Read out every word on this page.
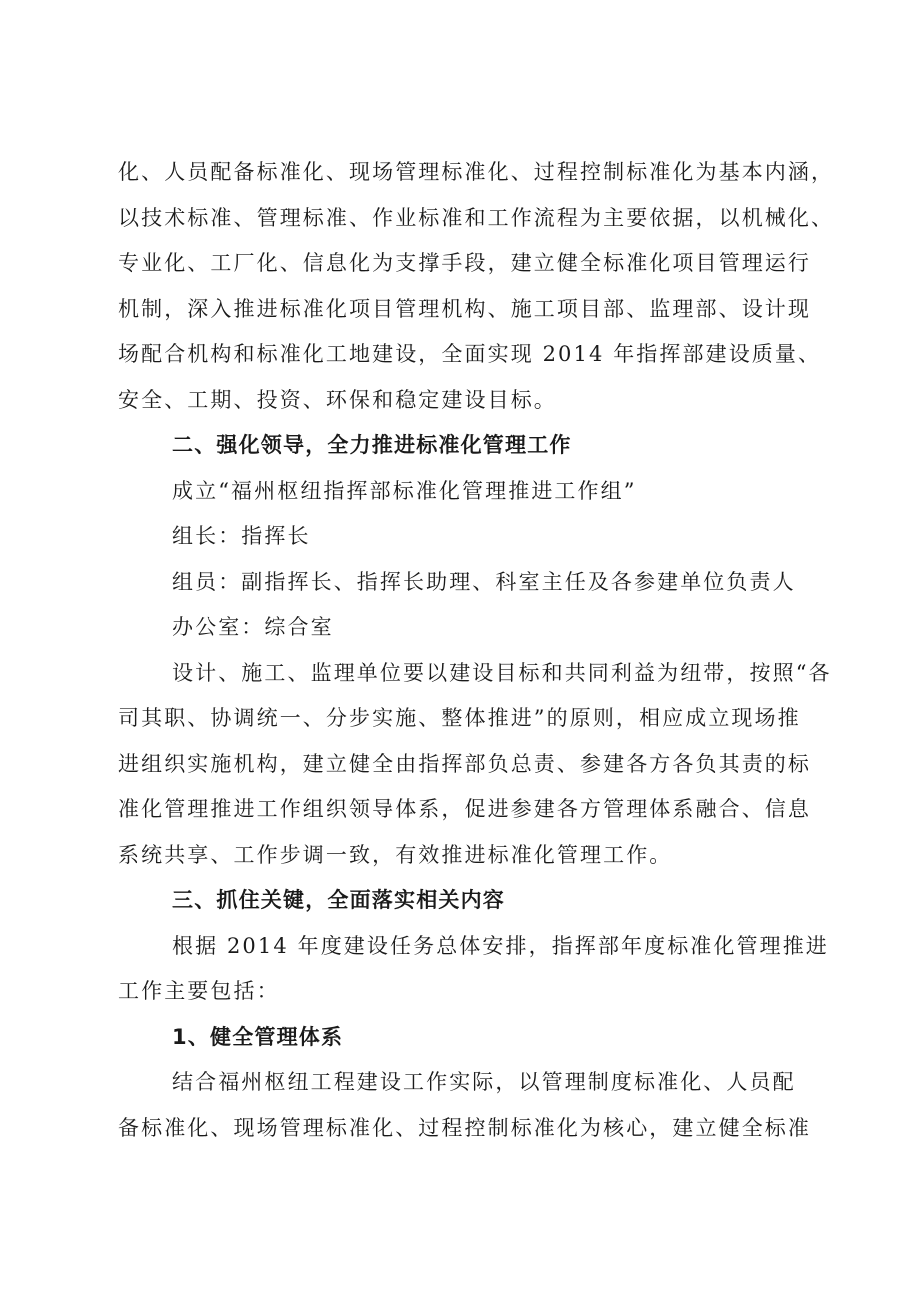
化、人员配备标准化、现场管理标准化、过程控制标准化为基本内涵，
以技术标准、管理标准、作业标准和工作流程为主要依据，以机械化、
专业化、工厂化、信息化为支撑手段，建立健全标准化项目管理运行
机制，深入推进标准化项目管理机构、施工项目部、监理部、设计现
场配合机构和标准化工地建设，全面实现 2014 年指挥部建设质量、
安全、工期、投资、环保和稳定建设目标。
二、强化领导，全力推进标准化管理工作
成立“福州枢纽指挥部标准化管理推进工作组”
组长：指挥长
组员：副指挥长、指挥长助理、科室主任及各参建单位负责人
办公室：综合室
设计、施工、监理单位要以建设目标和共同利益为纽带，按照“各
司其职、协调统一、分步实施、整体推进”的原则，相应成立现场推
进组织实施机构，建立健全由指挥部负总责、参建各方各负其责的标
准化管理推进工作组织领导体系，促进参建各方管理体系融合、信息
系统共享、工作步调一致，有效推进标准化管理工作。
三、抓住关键，全面落实相关内容
根据 2014 年度建设任务总体安排，指挥部年度标准化管理推进
工作主要包括：
1、健全管理体系
结合福州枢纽工程建设工作实际，以管理制度标准化、人员配
备标准化、现场管理标准化、过程控制标准化为核心，建立健全标准
